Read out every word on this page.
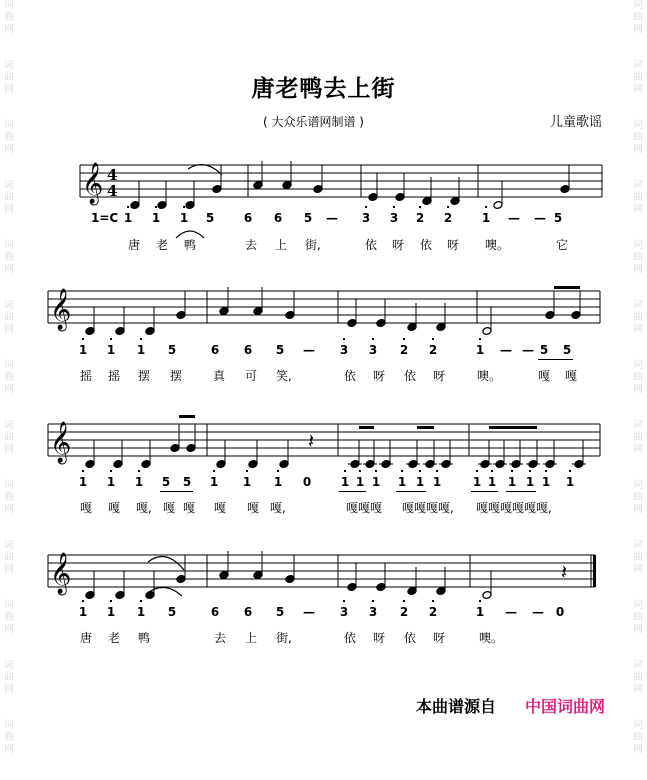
词
曲
网
词
曲
网
词
曲
网
词
曲
网
词
曲
网
词
曲
网
词
曲
网
词
曲
网
词
曲
网
词
曲
网
词
曲
网
词
曲
网
词
曲
网
词
曲
网
词
曲
网
词
曲
网
词
曲
网
词
曲
网
词
曲
网
词
曲
网
词
曲
网
词
曲
网
词
曲
网
词
曲
网
词
曲
网
词
曲
网
唐老鸭去上街
( 大众乐谱网制谱 )	儿童歌谣
1=C
𝄞 4
4
𝄞
𝄞	𝄽
𝄞	𝄽
1 1 1 5 6 6 5 — 3 3 2 2 1 — — 5
唐 老 鸭	去 上 街,	依 呀 依 呀 噢。	它
1 1 1 5	6 6 5 — 3 3 2 2	1 — — 5 5
摇 摇 摆 摆	真 可 笑,	依 呀 依 呀	噢。	嘎 嘎
1 1 1 5 5 1 1 1 0 1 1 1 1 1 1	1 1 1 1 1 1
嘎 嘎 嘎, 嘎 嘎 嘎 嘎 嘎,	嘎嘎嘎 嘎嘎嘎嘎, 嘎嘎嘎嘎嘎嘎,
1 1 1 5	6 6 5 — 3 3 2 2	1 — — 0
唐 老 鸭	去 上 街,	依 呀 依 呀	噢。
本曲谱源自 中国词曲网
